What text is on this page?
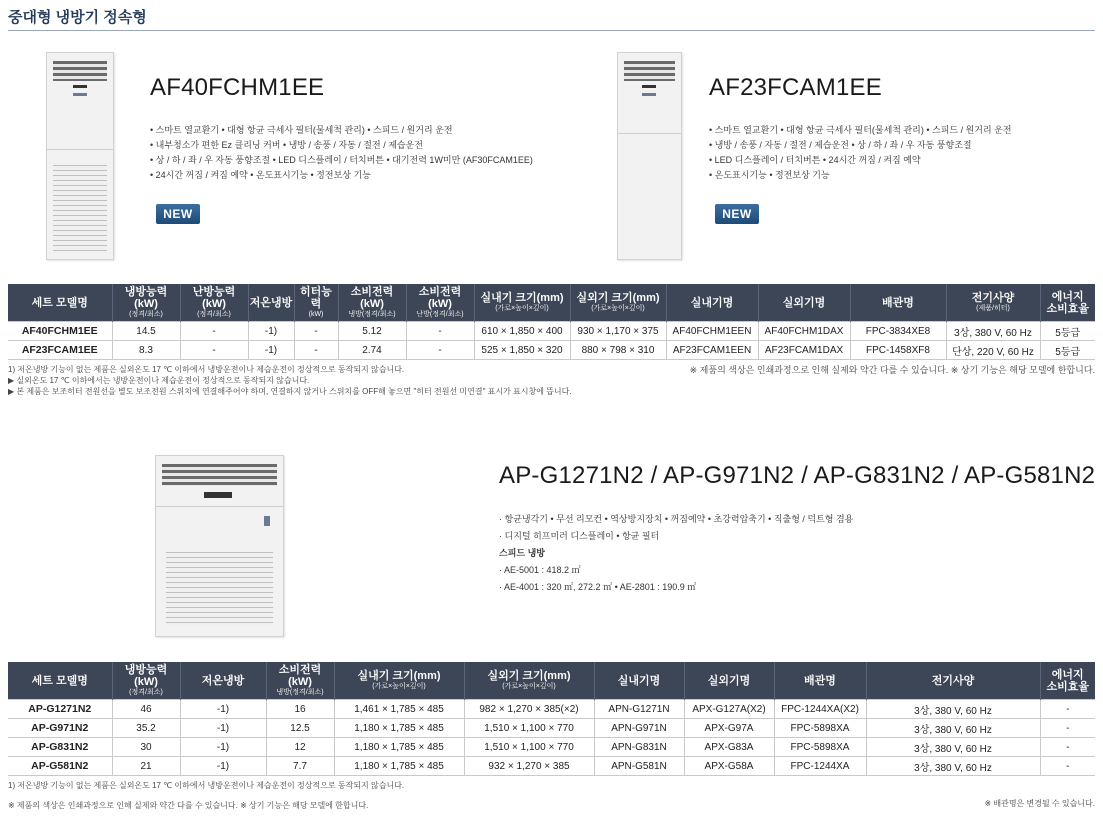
중대형 냉방기 정속형
AF40FCHM1EE
• 스마트 열교환기 • 대형 항균 극세사 필터(물세척 관리) • 스피드 / 원거리 운전
• 내부청소가 편한 Ez 클리닝 커버 • 냉방 / 송풍 / 자동 / 절전 / 제습운전
• 상 / 하 / 좌 / 우 자동 풍향조절 • LED 디스플레이 / 터치버튼 • 대기전력 1W미만 (AF30FCAM1EE)
• 24시간 꺼짐 / 켜짐 예약 • 온도표시기능 • 정전보상 기능
NEW
AF23FCAM1EE
• 스마트 열교환기 • 대형 항균 극세사 필터(물세척 관리) • 스피드 / 원거리 운전
• 냉방 / 송풍 / 자동 / 절전 / 제습운전 • 상 / 하 / 좌 / 우 자동 풍향조절
• LED 디스플레이 / 터치버튼 • 24시간 꺼짐 / 켜짐 예약
• 온도표시기능 • 정전보상 기능
NEW
세트 모델명	냉방능력(kW)
(정격/최소)	난방능력(kW)
(정격/최소)	저온냉방	히터능력
(kW)	소비전력(kW)
냉방(정격/최소)	소비전력(kW)
난방(정격/최소)	실내기 크기(mm)
(가로×높이×깊이)	실외기 크기(mm)
(가로×높이×깊이)	실내기명	실외기명	배관명	전기사양
(제품/히터)	에너지
소비효율
AF40FCHM1EE	14.5	-	-1)	-	5.12	-	610 × 1,850 × 400	930 × 1,170 × 375	AF40FCHM1EEN	AF40FCHM1DAX	FPC-3834XE8	3상, 380 V, 60 Hz	5등급
AF23FCAM1EE	8.3	-	-1)	-	2.74	-	525 × 1,850 × 320	880 × 798 × 310	AF23FCAM1EEN	AF23FCAM1DAX	FPC-1458XF8	단상, 220 V, 60 Hz	5등급
1) 저온냉방 기능이 없는 제품은 실외온도 17 ℃ 이하에서 냉방운전이나 제습운전이 정상적으로 동작되지 않습니다.
▶ 실외온도 17 ℃ 이하에서는 냉방운전이나 제습운전이 정상적으로 동작되지 않습니다.
▶ 본 제품은 보조히터 전원선을 별도 보조전원 스위치에 연결해주어야 하며, 연결하지 않거나 스위치를 OFF해 놓으면 "히터 전원선 미연결" 표시가 표시창에 뜹니다.
※ 제품의 색상은 인쇄과정으로 인해 실제와 약간 다를 수 있습니다. ※ 상기 기능은 해당 모델에 한합니다.
AP-G1271N2 / AP-G971N2 / AP-G831N2 / AP-G581N2
· 항균냉각기 • 무선 리모컨 • 역상방지장치 • 꺼짐예약 • 초강력압축기 • 직출형 / 덕트형 겸용
· 디지털 히프미러 디스플레이 • 항균 필터
스피드 냉방
· AE-5001 : 418.2 ㎡
· AE-4001 : 320 ㎡, 272.2 ㎡ • AE-2801 : 190.9 ㎡
세트 모델명	냉방능력(kW)
(정격/최소)	저온냉방	소비전력(kW)
냉방(정격/최소)	실내기 크기(mm)
(가로×높이×깊이)	실외기 크기(mm)
(가로×높이×깊이)	실내기명	실외기명	배관명	전기사양	에너지
소비효율
AP-G1271N2	46	-1)	16	1,461 × 1,785 × 485	982 × 1,270 × 385(×2)	APN-G1271N	APX-G127A(X2)	FPC-1244XA(X2)	3상, 380 V, 60 Hz	-
AP-G971N2	35.2	-1)	12.5	1,180 × 1,785 × 485	1,510 × 1,100 × 770	APN-G971N	APX-G97A	FPC-5898XA	3상, 380 V, 60 Hz	-
AP-G831N2	30	-1)	12	1,180 × 1,785 × 485	1,510 × 1,100 × 770	APN-G831N	APX-G83A	FPC-5898XA	3상, 380 V, 60 Hz	-
AP-G581N2	21	-1)	7.7	1,180 × 1,785 × 485	932 × 1,270 × 385	APN-G581N	APX-G58A	FPC-1244XA	3상, 380 V, 60 Hz	-
1) 저온냉방 기능이 없는 제품은 실외온도 17 ℃ 이하에서 냉방운전이나 제습운전이 정상적으로 동작되지 않습니다.
※ 제품의 색상은 인쇄과정으로 인해 실제와 약간 다를 수 있습니다. ※ 상기 기능은 해당 모델에 한합니다.	※ 배관명은 변경될 수 있습니다.
